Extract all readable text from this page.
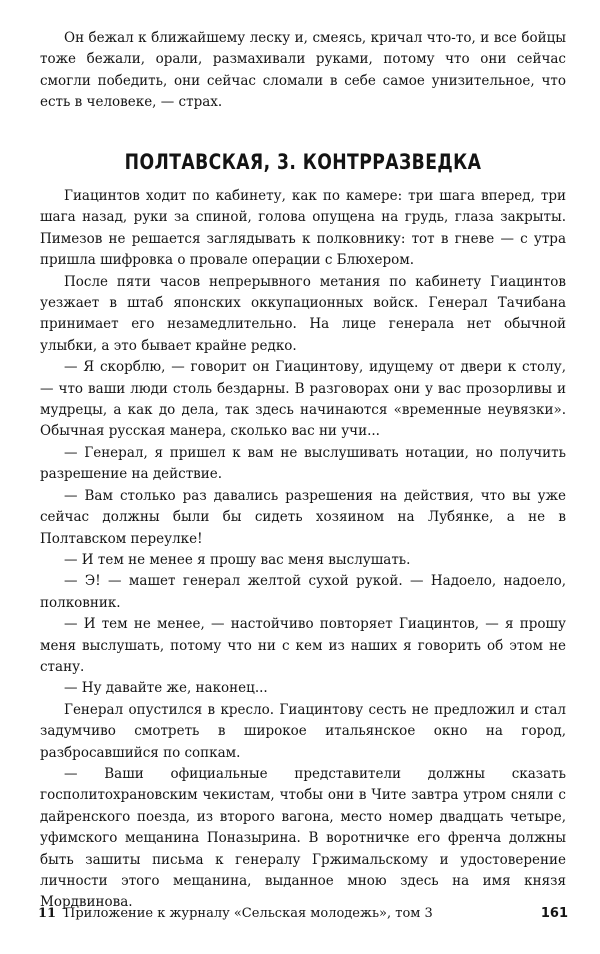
Он бежал к ближайшему леску и, смеясь, кричал что-то, и все бойцы тоже бежали, орали, размахивали руками, потому что они сейчас смогли победить, они сейчас сломали в себе самое унизительное, что есть в человеке, — страх.

ПОЛТАВСКАЯ, 3. КОНТРРАЗВЕДКА

Гиацинтов ходит по кабинету, как по камере: три шага вперед, три шага назад, руки за спиной, голова опущена на грудь, глаза закрыты. Пимезов не решается заглядывать к полковнику: тот в гневе — с утра пришла шифровка о провале операции с Блюхером.

После пяти часов непрерывного метания по кабинету Гиацинтов уезжает в штаб японских оккупационных войск. Генерал Тачибана принимает его незамедлительно. На лице генерала нет обычной улыбки, а это бывает крайне редко.

— Я скорблю, — говорит он Гиацинтову, идущему от двери к столу, — что ваши люди столь бездарны. В разговорах они у вас прозорливы и мудрецы, а как до дела, так здесь начинаются «временные неувязки». Обычная русская манера, сколько вас ни учи...

— Генерал, я пришел к вам не выслушивать нотации, но получить разрешение на действие.

— Вам столько раз давались разрешения на действия, что вы уже сейчас должны были бы сидеть хозяином на Лубянке, а не в Полтавском переулке!

— И тем не менее я прошу вас меня выслушать.

— Э! — машет генерал желтой сухой рукой. — Надоело, надоело, полковник.

— И тем не менее, — настойчиво повторяет Гиацинтов, — я прошу меня выслушать, потому что ни с кем из наших я говорить об этом не стану.

— Ну давайте же, наконец...

Генерал опустился в кресло. Гиацинтову сесть не предложил и стал задумчиво смотреть в широкое итальянское окно на город, разбросавшийся по сопкам.

— Ваши официальные представители должны сказать госполитохрановским чекистам, чтобы они в Чите завтра утром сняли с дайренского поезда, из второго вагона, место номер двадцать четыре, уфимского мещанина Поназырина. В воротничке его френча должны быть зашиты письма к генералу Гржимальскому и удостоверение личности этого мещанина, выданное мною здесь на имя князя Мордвинова.

11 Приложение к журналу «Сельская молодежь», том 3	161
